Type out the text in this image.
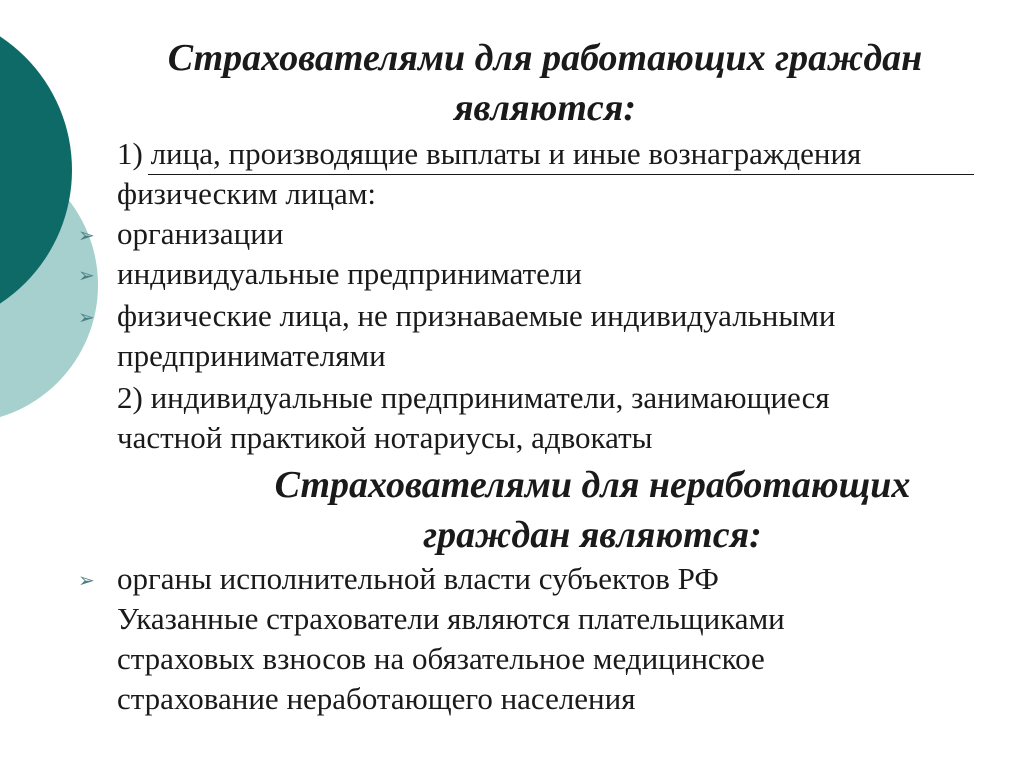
Страхователями для работающих граждан
являются:
1) лица, производящие выплаты и иные вознаграждения
физическим лицам:
➢ организации
➢ индивидуальные предприниматели
➢ физические лица, не признаваемые индивидуальными
предпринимателями
2) индивидуальные предприниматели, занимающиеся
частной практикой нотариусы, адвокаты
Страхователями для неработающих
граждан являются:
➢ органы исполнительной власти субъектов РФ
Указанные страхователи являются плательщиками
страховых взносов на обязательное медицинское
страхование неработающего населения
